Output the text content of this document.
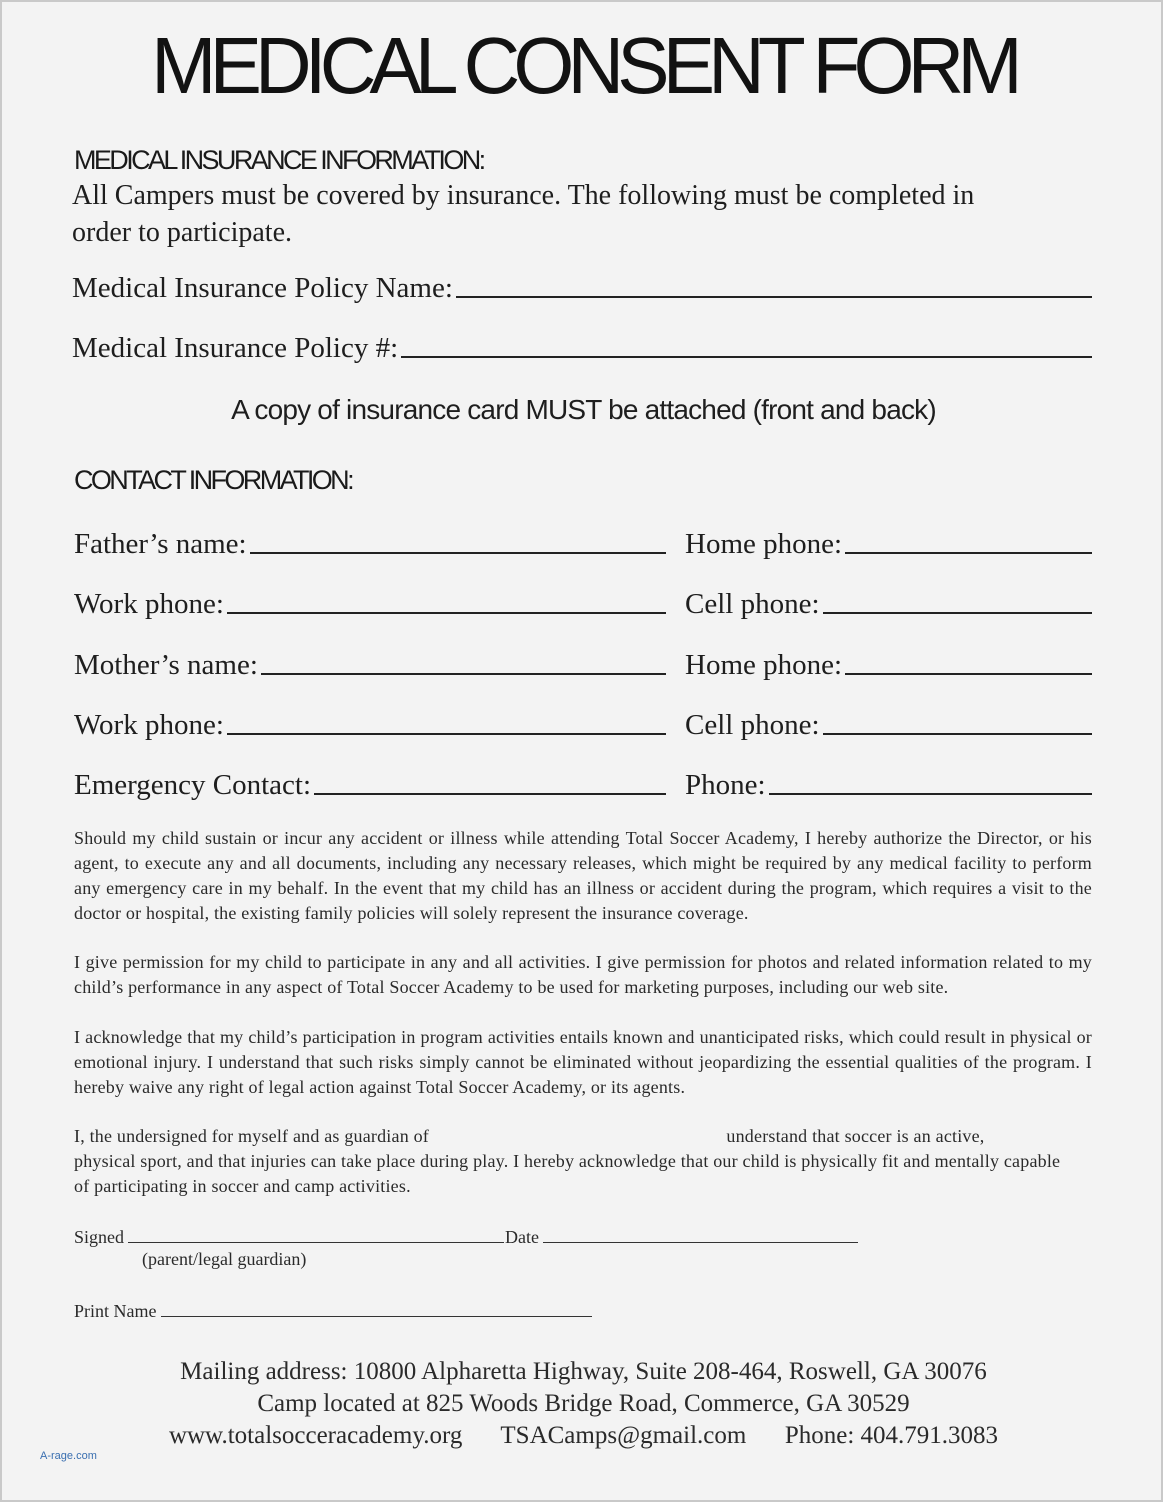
MEDICAL CONSENT FORM
MEDICAL INSURANCE INFORMATION:
All Campers must be covered by insurance. The following must be completed in
order to participate.
Medical Insurance Policy Name:
Medical Insurance Policy #:
A copy of insurance card MUST be attached (front and back)
CONTACT INFORMATION:
Father’s name:	Home phone:
Work phone:	Cell phone:
Mother’s name:	Home phone:
Work phone:	Cell phone:
Emergency Contact:	Phone:
Should my child sustain or incur any accident or illness while attending Total Soccer Academy, I hereby authorize the Director, or his agent, to execute any and all documents, including any necessary releases, which might be required by any medical facility to perform any emergency care in my behalf. In the event that my child has an illness or accident during the program, which requires a visit to the doctor or hospital, the existing family policies will solely represent the insurance coverage.
I give permission for my child to participate in any and all activities. I give permission for photos and related information related to my child’s performance in any aspect of Total Soccer Academy to be used for marketing purposes, including our web site.
I acknowledge that my child’s participation in program activities entails known and unanticipated risks, which could result in physical or emotional injury. I understand that such risks simply cannot be eliminated without jeopardizing the essential qualities of the program. I hereby waive any right of legal action against Total Soccer Academy, or its agents.
I, the undersigned for myself and as guardian of	understand that soccer is an active,
physical sport, and that injuries can take place during play. I hereby acknowledge that our child is physically fit and mentally capable of participating in soccer and camp activities.
Signed	Date
(parent/legal guardian)
Print Name
Mailing address: 10800 Alpharetta Highway, Suite 208-464, Roswell, GA 30076
Camp located at 825 Woods Bridge Road, Commerce, GA 30529
www.totalsocceracademy.org TSACamps@gmail.com Phone: 404.791.3083
A-rage.com
